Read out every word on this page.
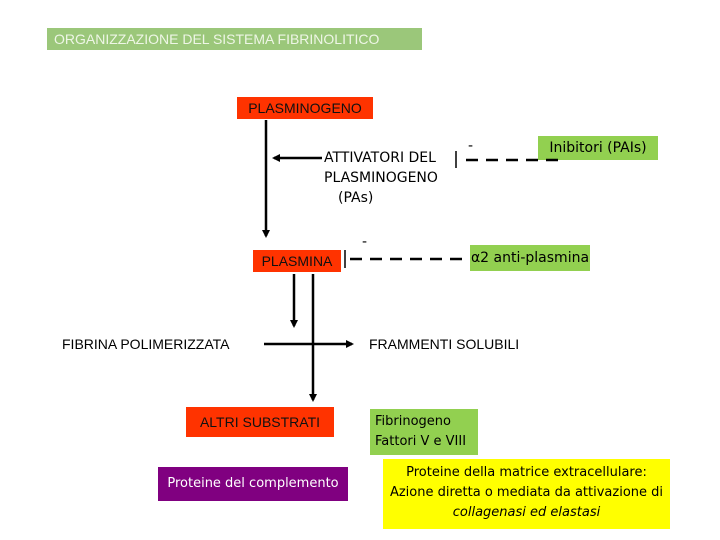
ORGANIZZAZIONE DEL SISTEMA FIBRINOLITICO
PLASMINOGENO
ATTIVATORI DEL
PLASMINOGENO
(PAs)
Inibitori (PAIs)
PLASMINA	α2 anti-plasmina
FIBRINA POLIMERIZZATA	FRAMMENTI SOLUBILI
ALTRI SUBSTRATI	Fibrinogeno
Fattori V e VIII
Proteine del complemento
Proteine della matrice extracellulare:
Azione diretta o mediata da attivazione di
collagenasi ed elastasi
-
-
